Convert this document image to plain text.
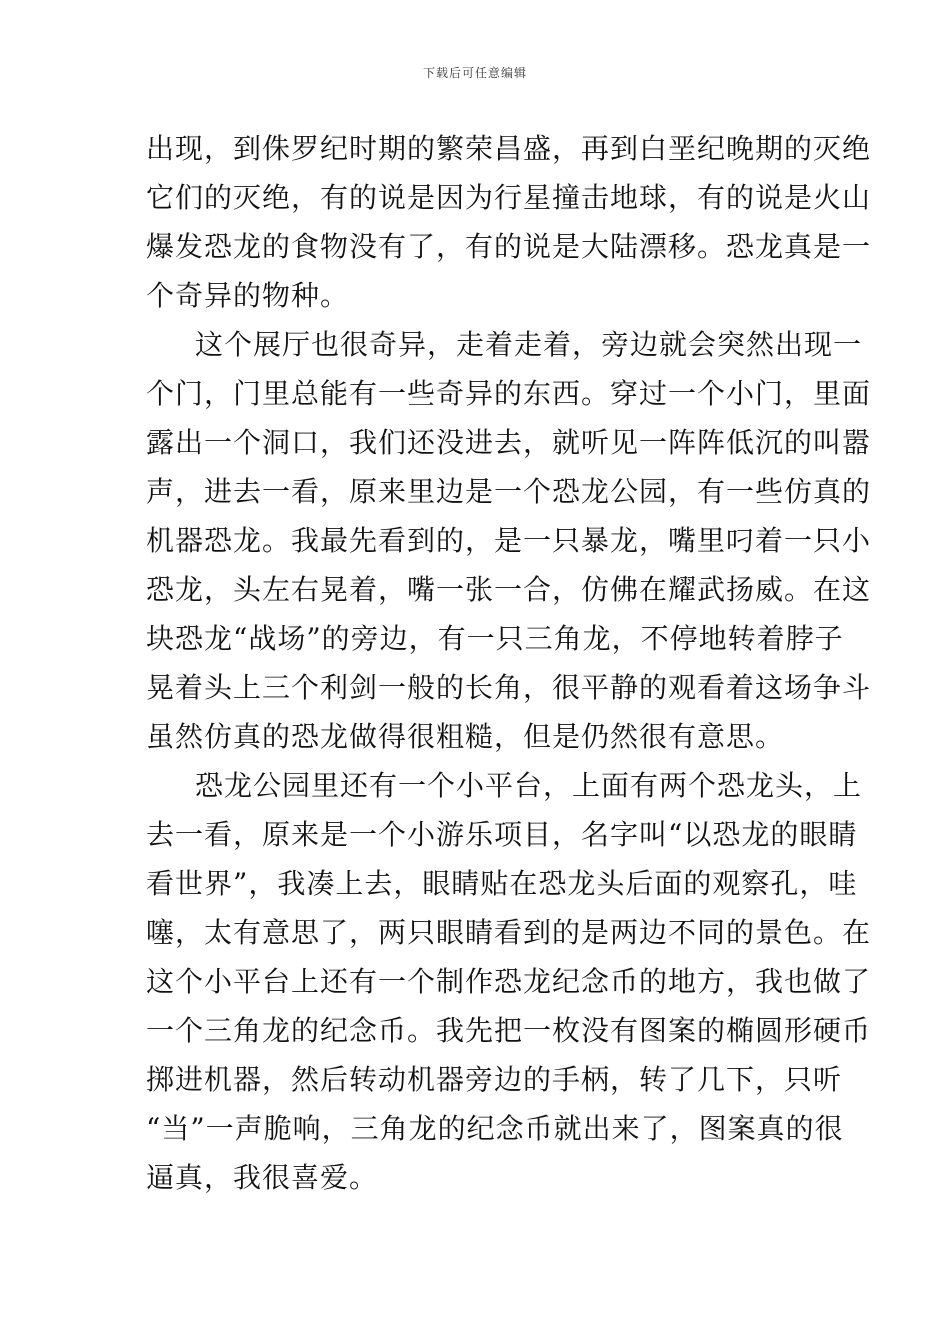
下载后可任意编辑
出现，到侏罗纪时期的繁荣昌盛，再到白垩纪晚期的灭绝
它们的灭绝，有的说是因为行星撞击地球，有的说是火山
爆发恐龙的食物没有了，有的说是大陆漂移。恐龙真是一
个奇异的物种。
这个展厅也很奇异，走着走着，旁边就会突然出现一
个门，门里总能有一些奇异的东西。穿过一个小门，里面
露出一个洞口，我们还没进去，就听见一阵阵低沉的叫嚣
声，进去一看，原来里边是一个恐龙公园，有一些仿真的
机器恐龙。我最先看到的，是一只暴龙，嘴里叼着一只小
恐龙，头左右晃着，嘴一张一合，仿佛在耀武扬威。在这
块恐龙“战场”的旁边，有一只三角龙，不停地转着脖子
晃着头上三个利剑一般的长角，很平静的观看着这场争斗
虽然仿真的恐龙做得很粗糙，但是仍然很有意思。
恐龙公园里还有一个小平台，上面有两个恐龙头，上
去一看，原来是一个小游乐项目，名字叫“以恐龙的眼睛
看世界”，我凑上去，眼睛贴在恐龙头后面的观察孔，哇
噻，太有意思了，两只眼睛看到的是两边不同的景色。在
这个小平台上还有一个制作恐龙纪念币的地方，我也做了
一个三角龙的纪念币。我先把一枚没有图案的椭圆形硬币
掷进机器，然后转动机器旁边的手柄，转了几下，只听
“当”一声脆响，三角龙的纪念币就出来了，图案真的很
逼真，我很喜爱。
